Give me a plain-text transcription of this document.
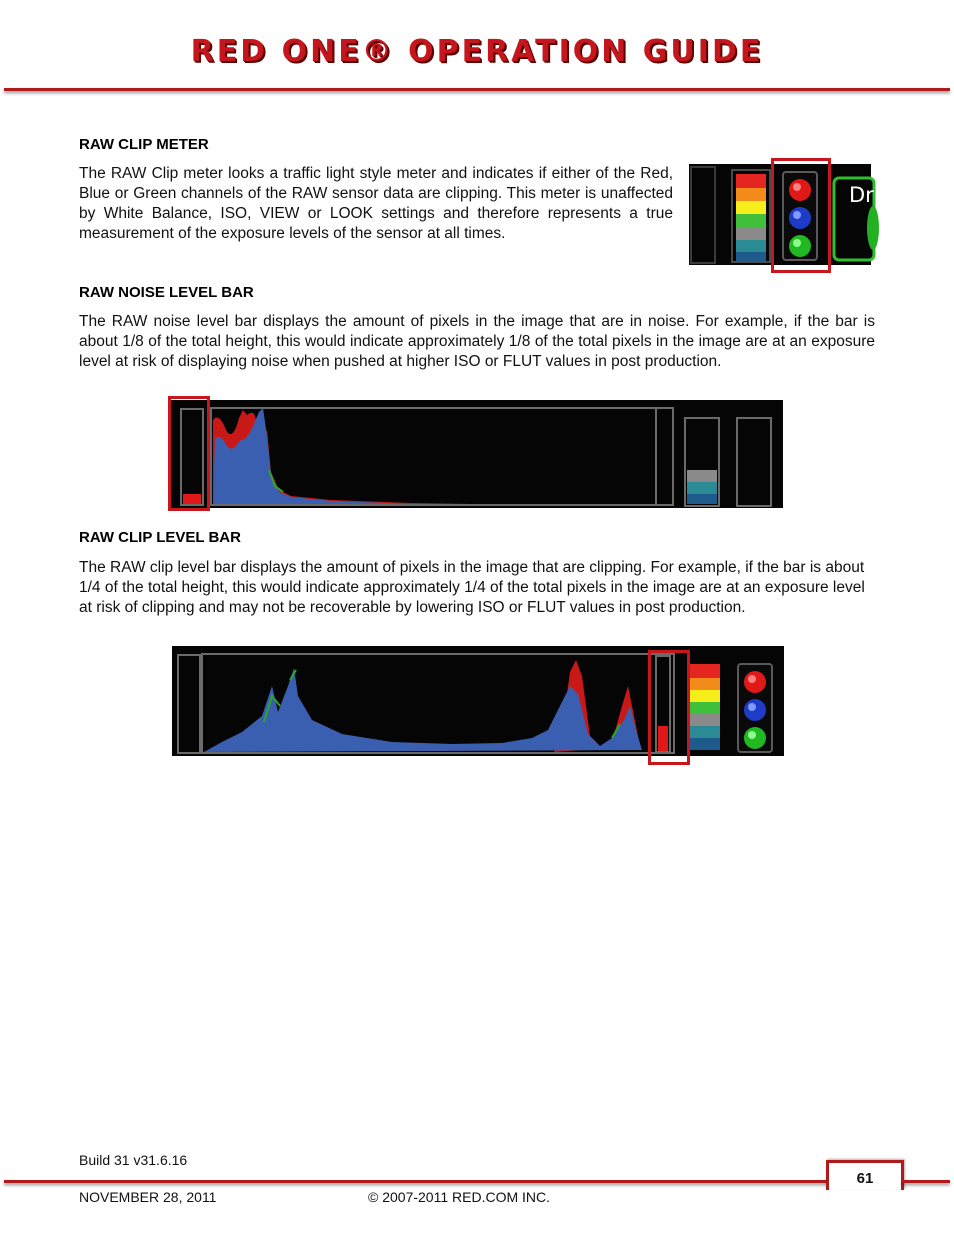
RED ONE® OPERATION GUIDE
RAW CLIP METER

The RAW Clip meter looks a traffic light style meter and indicates if either of the Red, Blue or Green channels of the RAW sensor data are clipping. This meter is unaffected by White Balance, ISO, VIEW or LOOK settings and therefore represents a true measurement of the exposure levels of the sensor at all times.

Dr
RAW NOISE LEVEL BAR

The RAW noise level bar displays the amount of pixels in the image that are in noise. For example, if the bar is about 1/8 of the total height, this would indicate approximately 1/8 of the total pixels in the image are at an exposure level at risk of displaying noise when pushed at higher ISO or FLUT values in post production.

RAW CLIP LEVEL BAR

The RAW clip level bar displays the amount of pixels in the image that are clipping. For example, if the bar is about 1/4 of the total height, this would indicate approximately 1/4 of the total pixels in the image are at an exposure level at risk of clipping and may not be recoverable by lowering ISO or FLUT values in post production.

Build 31 v31.6.16
61
NOVEMBER 28, 2011	© 2007-2011 RED.COM INC.
